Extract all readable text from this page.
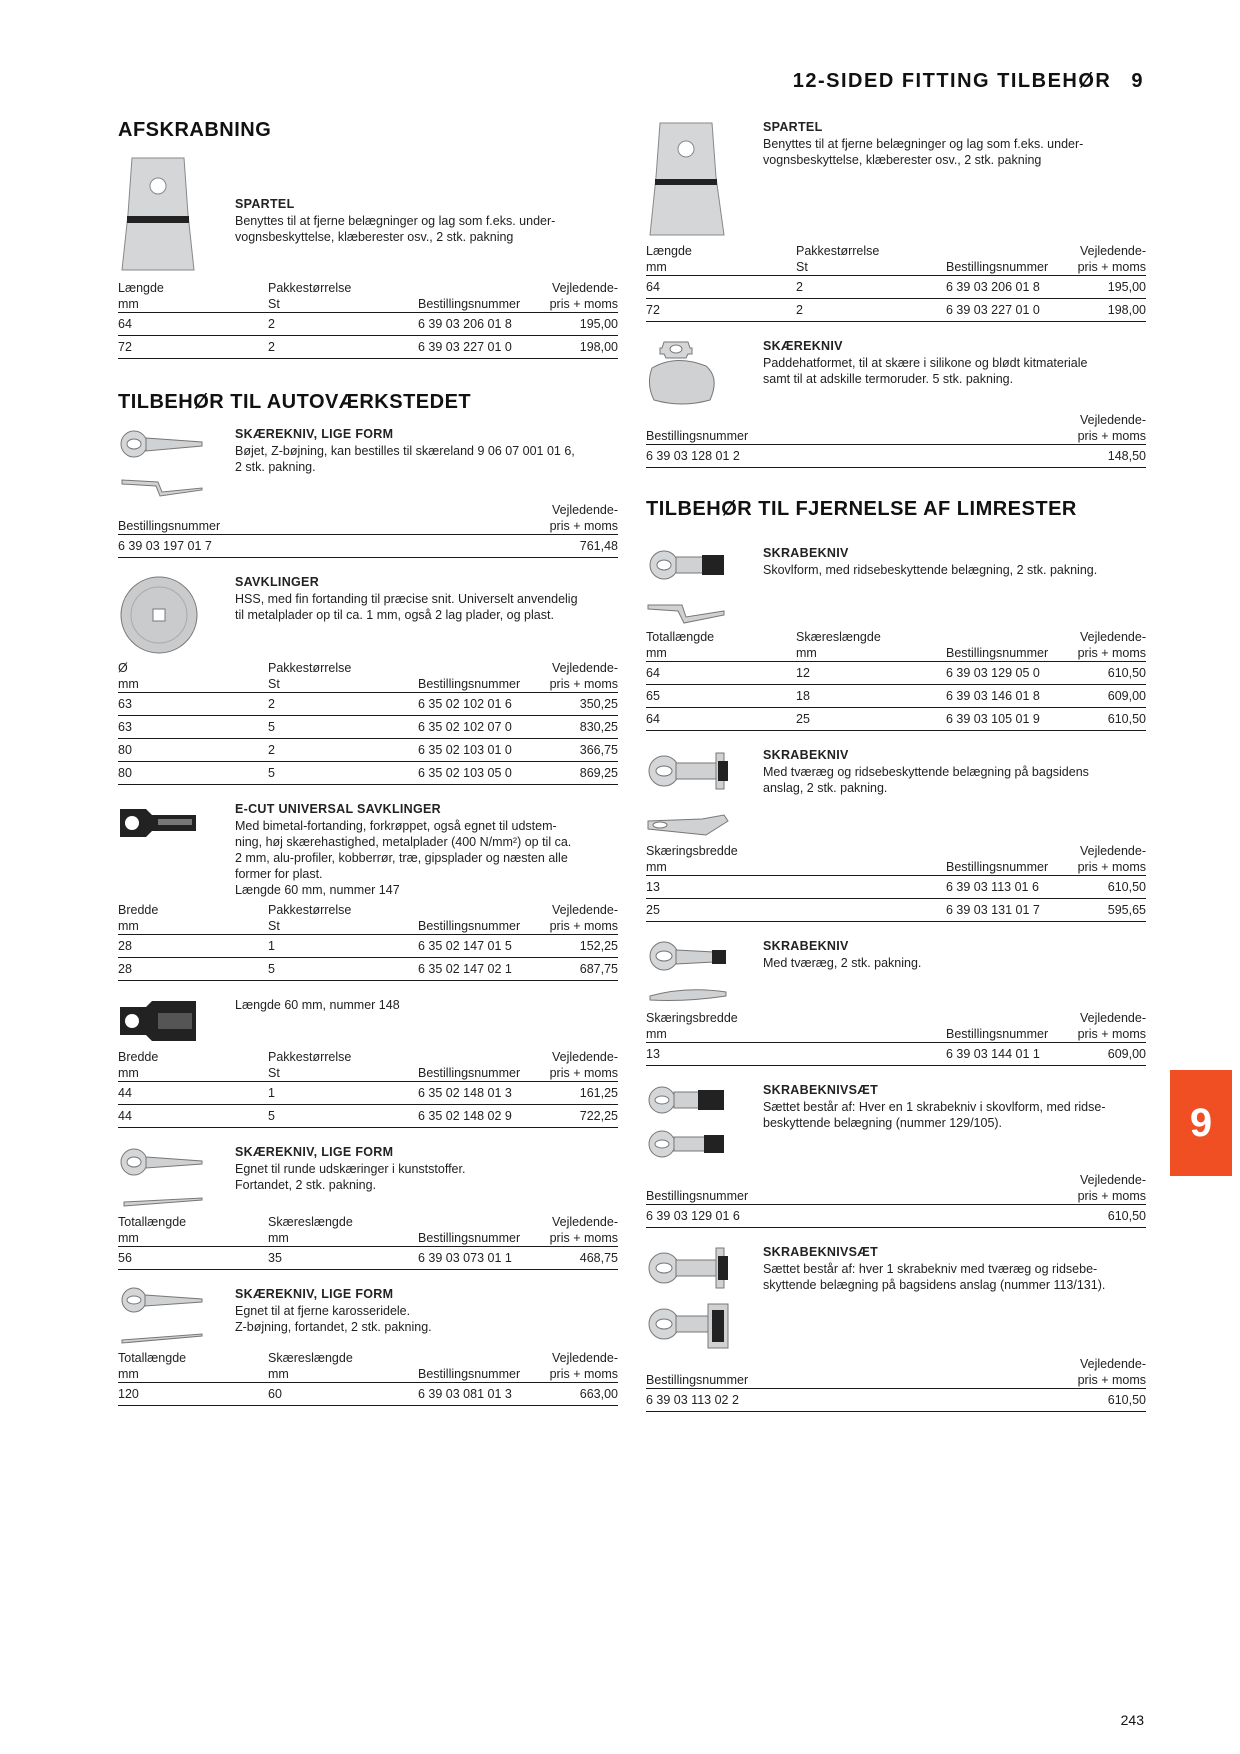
12-SIDED FITTING TILBEHØR 9
AFSKRABNING
SPARTEL
Benyttes til at fjerne belægninger og lag som f.eks. under-
vognsbeskyttelse, klæberester osv., 2 stk. pakning
Længde
mm	Pakkestørrelse
St	Bestillingsnummer	Vejledende-
pris + moms

64	2	6 39 03 206 01 8	195,00
72	2	6 39 03 227 01 0	198,00
TILBEHØR TIL AUTOVÆRKSTEDET
SKÆREKNIV, LIGE FORM
Bøjet, Z-bøjning, kan bestilles til skæreland 9 06 07 001 01 6,
2 stk. pakning.
Bestillingsnummer	Vejledende-
pris + moms

6 39 03 197 01 7	761,48
SAVKLINGER
HSS, med fin fortanding til præcise snit. Universelt anvendelig
til metalplader op til ca. 1 mm, også 2 lag plader, og plast.
Ø
mm	Pakkestørrelse
St	Bestillingsnummer	Vejledende-
pris + moms

63	2	6 35 02 102 01 6	350,25
63	5	6 35 02 102 07 0	830,25
80	2	6 35 02 103 01 0	366,75
80	5	6 35 02 103 05 0	869,25
E-CUT UNIVERSAL SAVKLINGER
Med bimetal-fortanding, forkrøppet, også egnet til udstem-
ning, høj skærehastighed, metalplader (400 N/mm²) op til ca.
2 mm, alu-profiler, kobberrør, træ, gipsplader og næsten alle
former for plast.
Længde 60 mm, nummer 147
Bredde
mm	Pakkestørrelse
St	Bestillingsnummer	Vejledende-
pris + moms

28	1	6 35 02 147 01 5	152,25
28	5	6 35 02 147 02 1	687,75
Længde 60 mm, nummer 148
Bredde
mm	Pakkestørrelse
St	Bestillingsnummer	Vejledende-
pris + moms

44	1	6 35 02 148 01 3	161,25
44	5	6 35 02 148 02 9	722,25
SKÆREKNIV, LIGE FORM
Egnet til runde udskæringer i kunststoffer.
Fortandet, 2 stk. pakning.
Totallængde
mm	Skæreslængde
mm	Bestillingsnummer	Vejledende-
pris + moms

56	35	6 39 03 073 01 1	468,75
SKÆREKNIV, LIGE FORM
Egnet til at fjerne karosseridele.
Z-bøjning, fortandet, 2 stk. pakning.
Totallængde
mm	Skæreslængde
mm	Bestillingsnummer	Vejledende-
pris + moms

120	60	6 39 03 081 01 3	663,00
SPARTEL
Benyttes til at fjerne belægninger og lag som f.eks. under-
vognsbeskyttelse, klæberester osv., 2 stk. pakning
Længde
mm	Pakkestørrelse
St	Bestillingsnummer	Vejledende-
pris + moms

64	2	6 39 03 206 01 8	195,00
72	2	6 39 03 227 01 0	198,00
SKÆREKNIV
Paddehatformet, til at skære i silikone og blødt kitmateriale
samt til at adskille termoruder. 5 stk. pakning.
Bestillingsnummer	Vejledende-
pris + moms

6 39 03 128 01 2	148,50
TILBEHØR TIL FJERNELSE AF LIMRESTER
SKRABEKNIV
Skovlform, med ridsebeskyttende belægning, 2 stk. pakning.
Totallængde
mm	Skæreslængde
mm	Bestillingsnummer	Vejledende-
pris + moms

64	12	6 39 03 129 05 0	610,50
65	18	6 39 03 146 01 8	609,00
64	25	6 39 03 105 01 9	610,50
SKRABEKNIV
Med tværæg og ridsebeskyttende belægning på bagsidens
anslag, 2 stk. pakning.
Skæringsbredde
mm	Bestillingsnummer	Vejledende-
pris + moms

13	6 39 03 113 01 6	610,50
25	6 39 03 131 01 7	595,65
SKRABEKNIV
Med tværæg, 2 stk. pakning.
Skæringsbredde
mm	Bestillingsnummer	Vejledende-
pris + moms

13	6 39 03 144 01 1	609,00
SKRABEKNIVSÆT
Sættet består af: Hver en 1 skrabekniv i skovlform, med ridse-
beskyttende belægning (nummer 129/105).
Bestillingsnummer	Vejledende-
pris + moms

6 39 03 129 01 6	610,50
SKRABEKNIVSÆT
Sættet består af: hver 1 skrabekniv med tværæg og ridsebe-
skyttende belægning på bagsidens anslag (nummer 113/131).
Bestillingsnummer	Vejledende-
pris + moms

6 39 03 113 02 2	610,50
9
243
